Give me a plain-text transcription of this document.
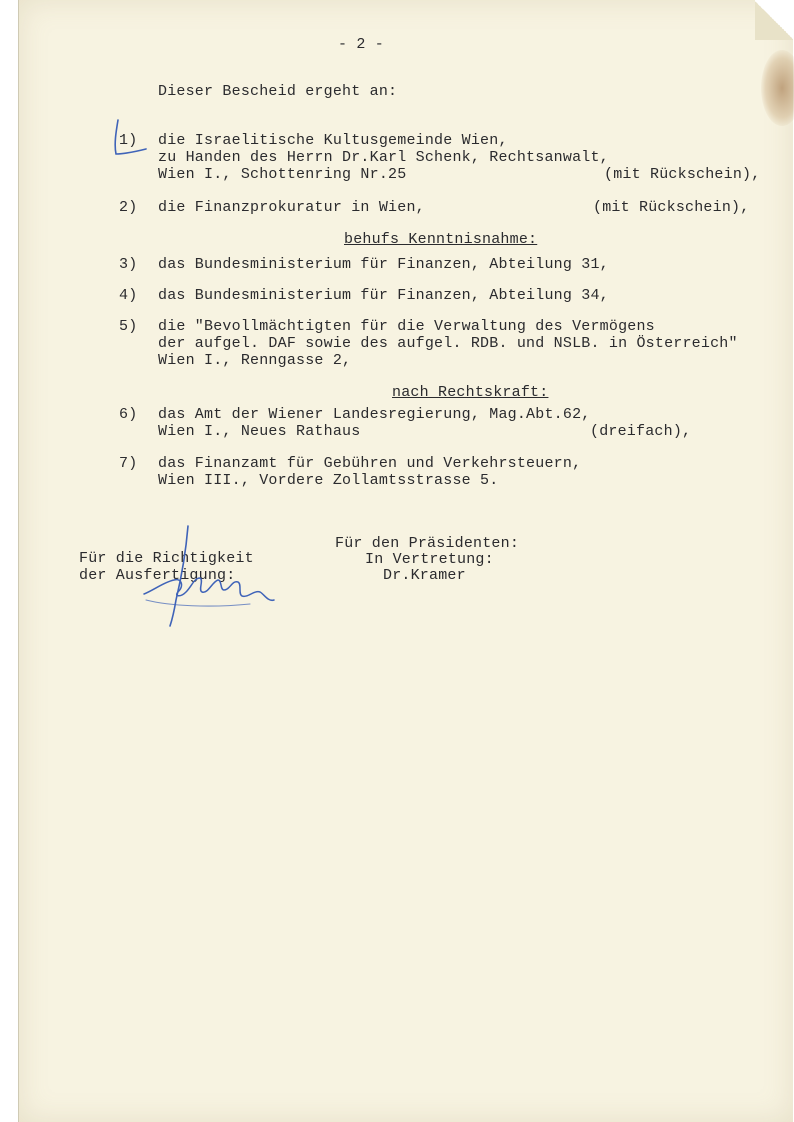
- 2 -
Dieser Bescheid ergeht an:
1) die Israelitische Kultusgemeinde Wien,
zu Handen des Herrn Dr.Karl Schenk, Rechtsanwalt,
Wien I., Schottenring Nr.25	(mit Rückschein),
2) die Finanzprokuratur in Wien,	(mit Rückschein),
behufs Kenntnisnahme:
3) das Bundesministerium für Finanzen, Abteilung 31,
4) das Bundesministerium für Finanzen, Abteilung 34,
5) die "Bevollmächtigten für die Verwaltung des Vermögens
der aufgel. DAF sowie des aufgel. RDB. und NSLB. in Österreich"
Wien I., Renngasse 2,
nach Rechtskraft:
6) das Amt der Wiener Landesregierung, Mag.Abt.62,
Wien I., Neues Rathaus	(dreifach),
7) das Finanzamt für Gebühren und Verkehrsteuern,
Wien III., Vordere Zollamtsstrasse 5.
Für die Richtigkeit
der Ausfertigung:
Für den Präsidenten:
In Vertretung:
Dr.Kramer
